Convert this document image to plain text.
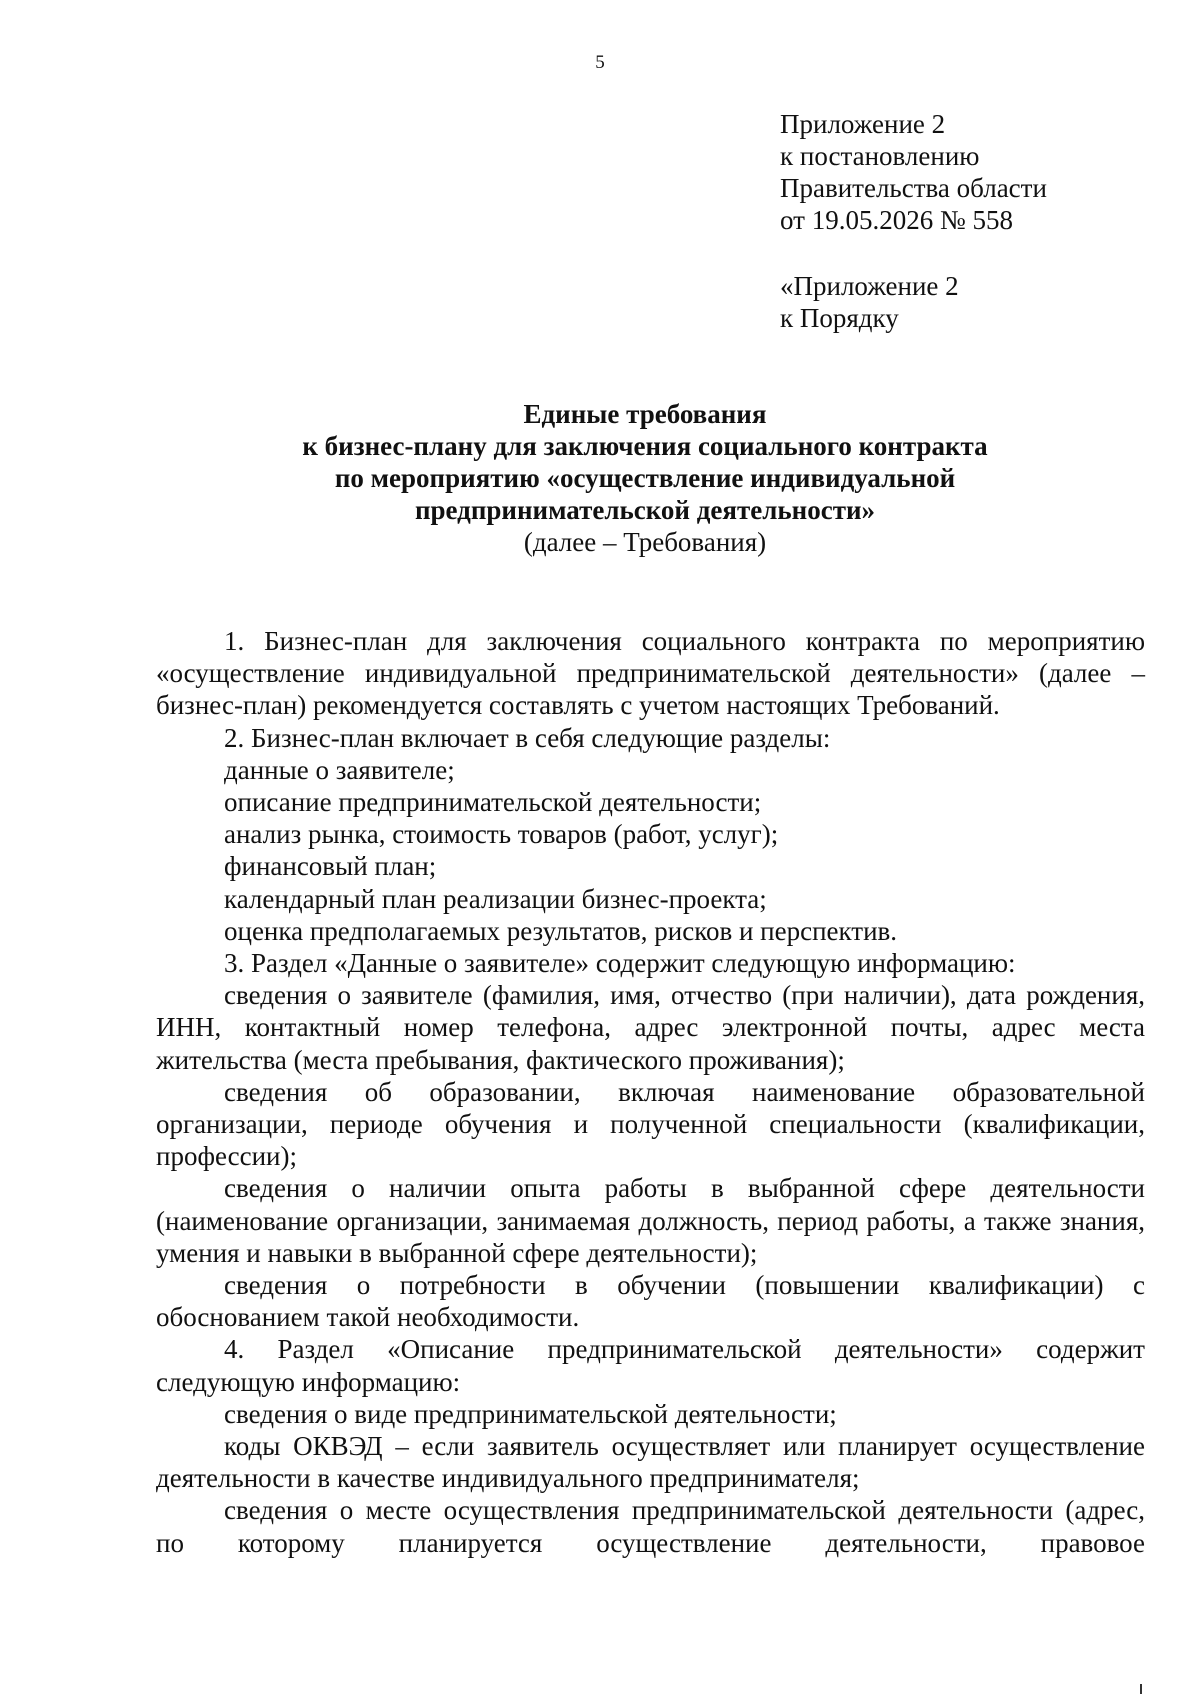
5
Приложение 2
к постановлению
Правительства области
от 19.05.2026 № 558
«Приложение 2
к Порядку
Единые требования
к бизнес-плану для заключения социального контракта
по мероприятию «осуществление индивидуальной
предпринимательской деятельности»
(далее – Требования)

1. Бизнес-план для заключения социального контракта по мероприятию «осуществление индивидуальной предпринимательской деятельности» (далее – бизнес-план) рекомендуется составлять с учетом настоящих Требований.

2. Бизнес-план включает в себя следующие разделы:

данные о заявителе;

описание предпринимательской деятельности;

анализ рынка, стоимость товаров (работ, услуг);

финансовый план;

календарный план реализации бизнес-проекта;

оценка предполагаемых результатов, рисков и перспектив.

3. Раздел «Данные о заявителе» содержит следующую информацию:

сведения о заявителе (фамилия, имя, отчество (при наличии), дата рождения, ИНН, контактный номер телефона, адрес электронной почты, адрес места жительства (места пребывания, фактического проживания);

сведения об образовании, включая наименование образовательной организации, периоде обучения и полученной специальности (квалификации, профессии);

сведения о наличии опыта работы в выбранной сфере деятельности (наименование организации, занимаемая должность, период работы, а также знания, умения и навыки в выбранной сфере деятельности);

сведения о потребности в обучении (повышении квалификации) с обоснованием такой необходимости.

4. Раздел «Описание предпринимательской деятельности» содержит следующую информацию:

сведения о виде предпринимательской деятельности;

коды ОКВЭД – если заявитель осуществляет или планирует осуществление деятельности в качестве индивидуального предпринимателя;

сведения о месте осуществления предпринимательской деятельности (адрес, по которому планируется осуществление деятельности, правовое
